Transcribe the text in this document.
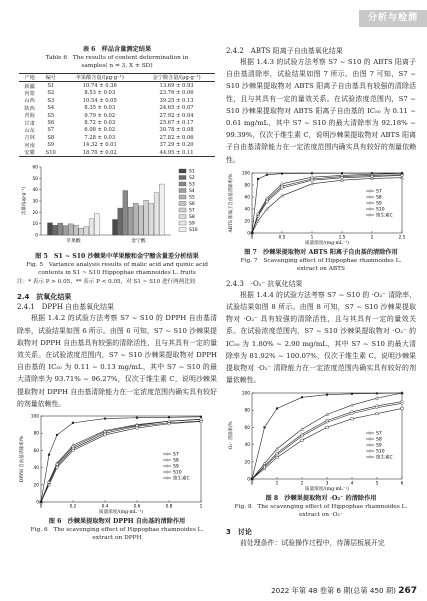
分析与检测
表 6　样品含量测定结果
Table 6　The results of content determination in
samples( n = 3, X ± SD)
产地	编号	苹果酸含量/(μg·g⁻¹)	金宁酸含量/(μg·g⁻¹)
新疆	S1	10.74 ± 0.36	13.69 ± 0.93
内蒙	S2	8.53 ± 0.03	23.76 ± 0.06
山西	S3	10.54 ± 0.05	39.25 ± 0.13
陕西	S4	8.35 ± 0.03	24.65 ± 0.07
青海	S5	9.79 ± 0.02	27.92 ± 0.04
甘肃	S6	8.72 ± 0.03	25.67 ± 0.17
山东	S7	6.08 ± 0.02	30.78 ± 0.08
吉林	S8	7.28 ± 0.03	27.82 ± 0.06
河南	S9	14.32 ± 0.01	37.29 ± 0.20
安徽	S10	18.70 ± 0.02	44.95 ± 0.11
0
10
20
30
40
50
60
含量/(μg·g⁻¹)
苹果酸	金宁酸
S1
S2
S3
S4
S5
S6
S7
S8
S9
S10
图 5　S1 ~ S10 沙棘果中苹果酸和金宁酸含量差分析结果
Fig. 5　Variance analysis results of malic acid and quinic acid
contents in S1 ~ S10 Hippophae rhamnoides L. fruits
注：* 表示 P > 0.05，** 表示 P < 0.05，对 S1 ~ S10 进行两两比较
2.4　抗氧化结果
2.4.1　DPPH 自由基氧化结果

根据 1.4.2 的试验方法考察 S7 ~ S10 的 DPPH 自由基清除率，试验结果如图 6 所示。由图 6 可知，S7 ~ S10 沙棘果提取物对 DPPH 自由基具有较强的清除活性，且与其具有一定的量效关系。在试验浓度范围内，S7 ~ S10 沙棘果提取物对 DPPH 自由基的 IC₅₀ 为 0.11 ~ 0.13 mg/mL，其中 S7 ~ S10 的最大清除率为 93.71% ~ 96.27%，仅次于维生素 C，说明沙棘果提取物对 DPPH 自由基清除能力在一定浓度范围内确实具有较好的剂量依赖性。

0
20
40
60
80
100
0	0.2	0.4	0.6	0.8	1
质量浓度/(mg·mL⁻¹)
DPPH 自由基清除率/%	S7
S8
S9
S10
维生素C
图 6　沙棘果提取物对 DPPH 自由基的清除作用
Fig. 6　The scavenging effect of Hippophae rhamnoides L.
extract on DPPH
2.4.2　ABTS 阳离子自由基氧化结果

根据 1.4.3 的试验方法考察 S7 ~ S10 的 ABTS 阳离子自由基清除率，试验结果如图 7 所示。由图 7 可知，S7 ~ S10 沙棘果提取物对 ABTS 阳离子自由基具有较强的清除活性，且与其具有一定的量效关系。在试验浓度范围内，S7 ~ S10 沙棘果提取物对 ABTS 阳离子自由基的 IC₅₀ 为 0.11 ~ 0.61 mg/mL，其中 S7 ~ S10 的最大清除率为 92.18% ~ 99.39%，仅次于维生素 C，说明沙棘果提取物对 ABTS 阳离子自由基清除能力在一定浓度范围内确实具有较好的剂量依赖性。

0
20
40
60
80
100
0	0.5	1	1.5	2	2.5
质量浓度/(mg·mL⁻¹)
ABTS 阳离子自由基清除率/%	S7
S8
S9
S10
维生素C
图 7　沙棘果提取物对 ABTS 阳离子自由基的清除作用
Fig. 7　Scavenging effect of Hippophae rhamnoides L.
extract on ABTS
2.4.3　·O₂⁻ 抗氧化结果

根据 1.4.4 的试验方法考察 S7 ~ S10 的 ·O₂⁻ 清除率，试验结果如图 8 所示。由图 8 可知，S7 ~ S10 沙棘果提取物对 ·O₂⁻ 具有较强的清除活性，且与其具有一定的量效关系。在试验浓度范围内，S7 ~ S10 沙棘果提取物对 ·O₂⁻ 的 IC₅₀ 为 1.80% ~ 2.90 mg/mL，其中 S7 ~ S10 的最大清除率为 81.92% ~ 100.07%，仅次于维生素 C。说明沙棘果提取物对 ·O₂⁻ 清除能力在一定浓度范围内确实具有较好的剂量依赖性。

0
20
40
60
80
100
0	1	2	3	4	5	6
质量浓度/(mg·mL⁻¹)
·O₂⁻ 清除率/%	S7
S8
S9
S10
维生素C
图 8　沙棘果提取物对 ·O₂⁻ 的清除作用
Fig. 8　The scavenging effect of Hippophae rhamnoides L.
extract on ·O₂⁻
3　讨论

前处理条件：试验操作过程中，待薄层板展开完

2022 年第 48 卷第 6 期(总第 450 期) 267
